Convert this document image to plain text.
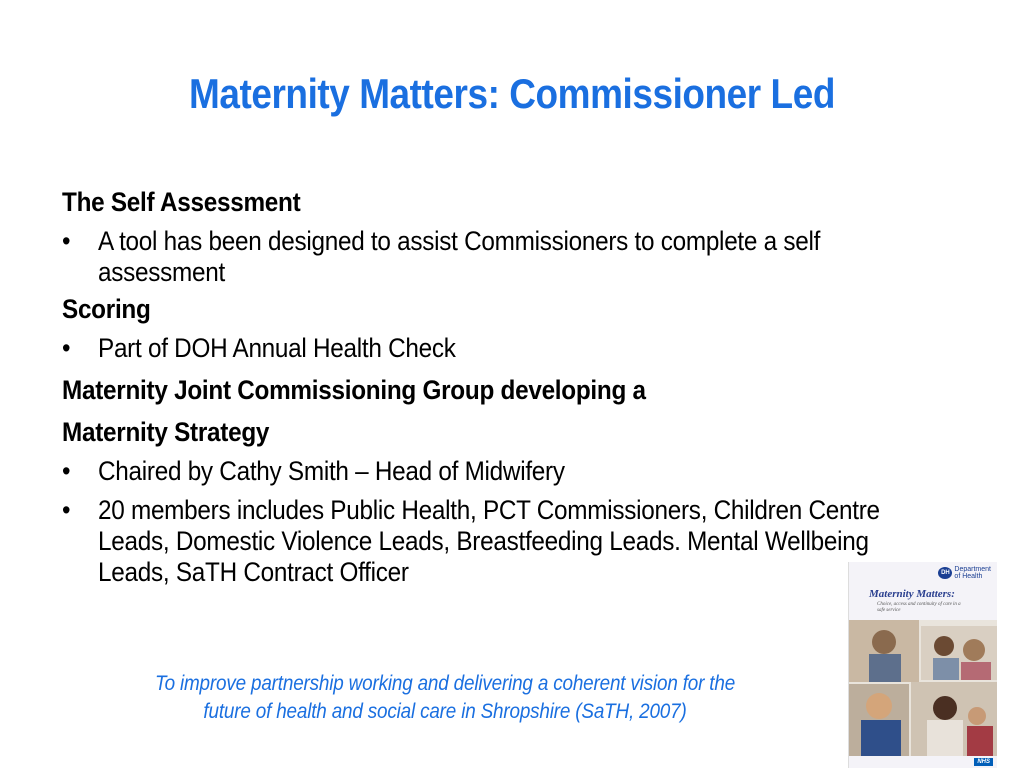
Maternity Matters: Commissioner Led
The Self Assessment
• A tool has been designed to assist Commissioners to complete a self assessment
Scoring
• Part of DOH Annual Health Check
Maternity Joint Commissioning Group developing a
Maternity Strategy
• Chaired by Cathy Smith – Head of Midwifery
• 20 members includes Public Health, PCT Commissioners, Children Centre Leads, Domestic Violence Leads, Breastfeeding Leads. Mental Wellbeing Leads, SaTH Contract Officer
To improve partnership working and delivering a coherent vision for the future of health and social care in Shropshire (SaTH, 2007)
DH Department
of Health
Maternity Matters:
Choice, access and continuity of care in a safe service
NHS
